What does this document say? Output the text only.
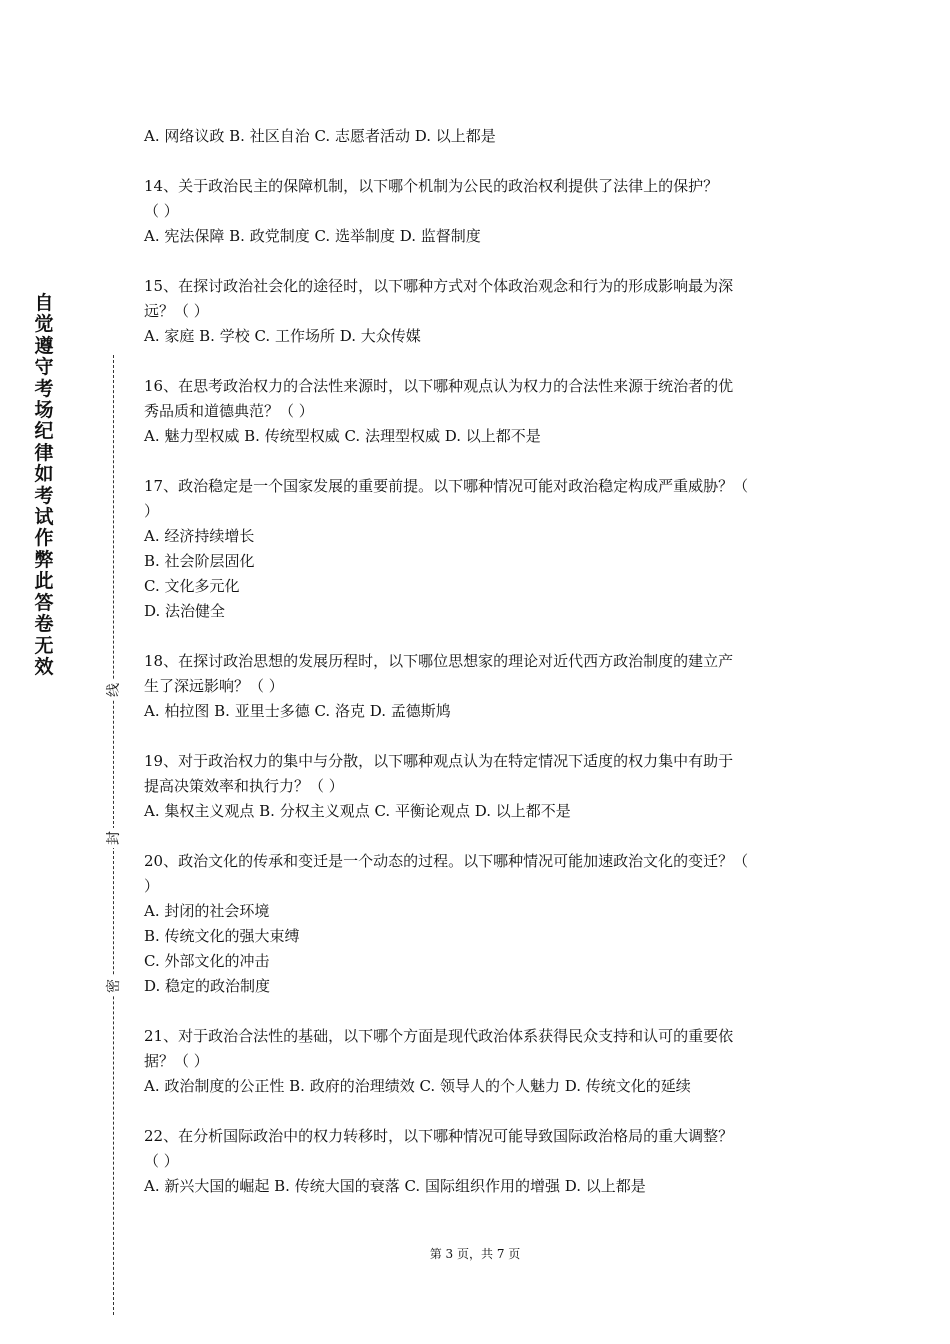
自觉遵守考场纪律如考试作弊此答卷无效
线
封
密

A. 网络议政 B. 社区自治 C. 志愿者活动 D. 以上都是

14、关于政治民主的保障机制，以下哪个机制为公民的政治权利提供了法律上的保护？

（ ）

A. 宪法保障 B. 政党制度 C. 选举制度 D. 监督制度

15、在探讨政治社会化的途径时，以下哪种方式对个体政治观念和行为的形成影响最为深

远？（ ）

A. 家庭 B. 学校 C. 工作场所 D. 大众传媒

16、在思考政治权力的合法性来源时，以下哪种观点认为权力的合法性来源于统治者的优

秀品质和道德典范？（ ）

A. 魅力型权威 B. 传统型权威 C. 法理型权威 D. 以上都不是

17、政治稳定是一个国家发展的重要前提。以下哪种情况可能对政治稳定构成严重威胁？（

）

A. 经济持续增长

B. 社会阶层固化

C. 文化多元化

D. 法治健全

18、在探讨政治思想的发展历程时，以下哪位思想家的理论对近代西方政治制度的建立产

生了深远影响？（ ）

A. 柏拉图 B. 亚里士多德 C. 洛克 D. 孟德斯鸠

19、对于政治权力的集中与分散，以下哪种观点认为在特定情况下适度的权力集中有助于

提高决策效率和执行力？（ ）

A. 集权主义观点 B. 分权主义观点 C. 平衡论观点 D. 以上都不是

20、政治文化的传承和变迁是一个动态的过程。以下哪种情况可能加速政治文化的变迁？（

）

A. 封闭的社会环境

B. 传统文化的强大束缚

C. 外部文化的冲击

D. 稳定的政治制度

21、对于政治合法性的基础，以下哪个方面是现代政治体系获得民众支持和认可的重要依

据？（ ）

A. 政治制度的公正性 B. 政府的治理绩效 C. 领导人的个人魅力 D. 传统文化的延续

22、在分析国际政治中的权力转移时，以下哪种情况可能导致国际政治格局的重大调整？

（ ）

A. 新兴大国的崛起 B. 传统大国的衰落 C. 国际组织作用的增强 D. 以上都是

第 3 页，共 7 页
